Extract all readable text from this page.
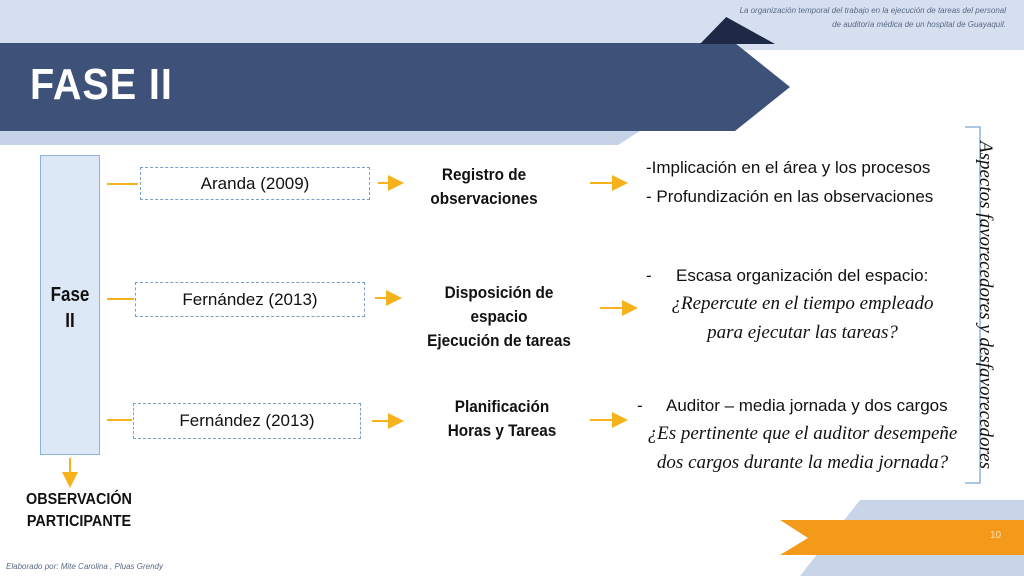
FASE II
La organización temporal del trabajo en la ejecución de tareas del personal
de auditoría médica de un hospital de Guayaquil.
Fase
II
Aranda (2009)
Fernández (2013)
Fernández (2013)
Registro de
observaciones
Disposición de espacio
Ejecución de tareas
Planificación
Horas y Tareas
-Implicación en el área y los procesos
- Profundización en las observaciones
- Escasa organización del espacio:
¿Repercute en el tiempo empleado
para ejecutar las tareas?
- Auditor – media jornada y dos cargos
¿Es pertinente que el auditor desempeñe
dos cargos durante la media jornada?	Aspectos favorecedores y desfavorecedores
OBSERVACIÓN PARTICIPANTE
10
Elaborado por: Mite Carolina , Pluas Grendy
